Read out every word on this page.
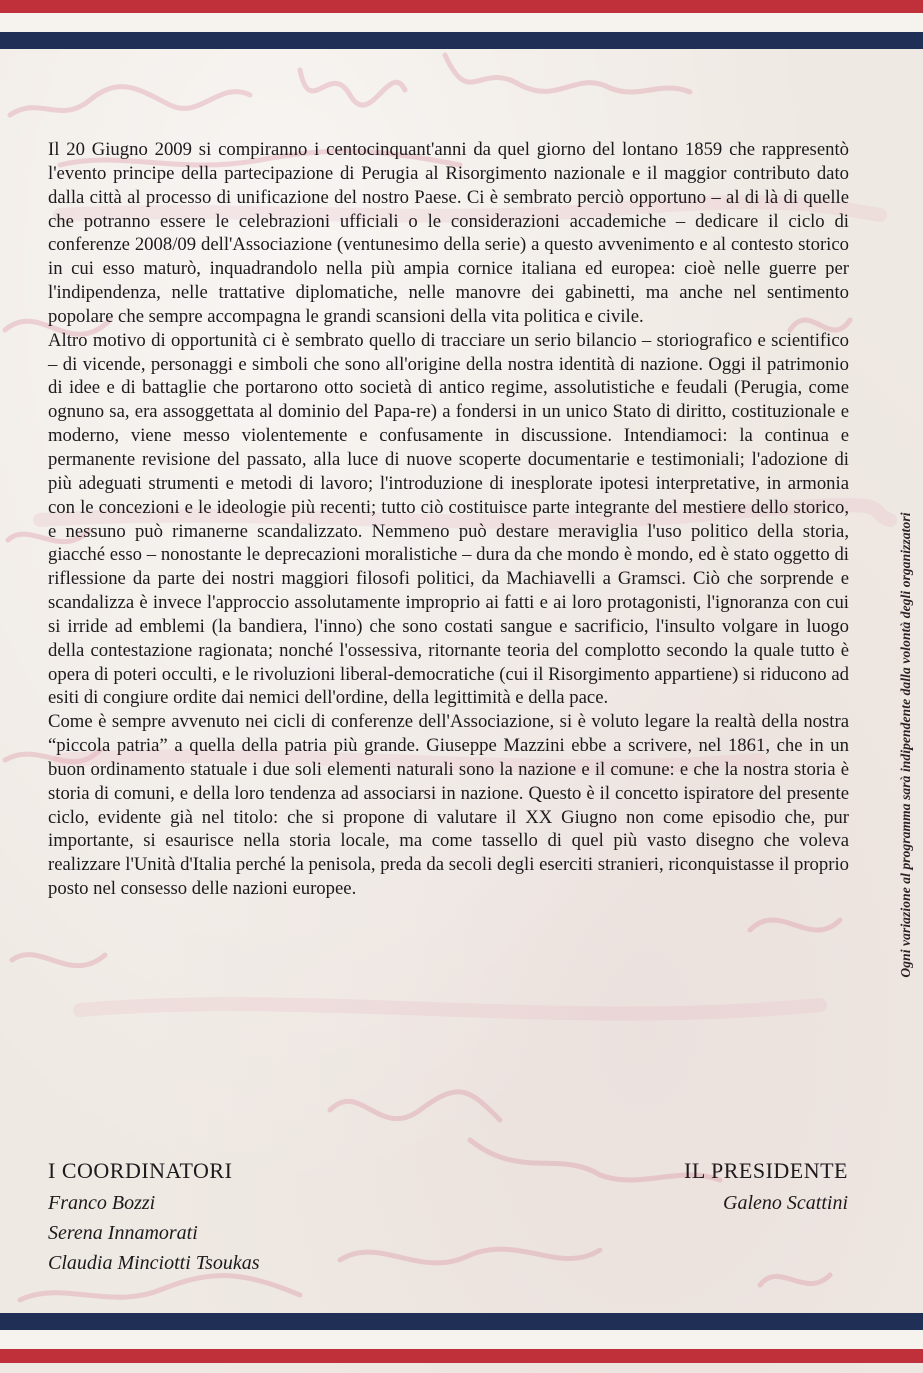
Ogni variazione al programma sarà indipendente dalla volontà degli organizzatori

Il 20 Giugno 2009 si compiranno i centocinquant'anni da quel giorno del lontano 1859 che rappresentò l'evento principe della partecipazione di Perugia al Risorgimento nazionale e il maggior contributo dato dalla città al processo di unificazione del nostro Paese. Ci è sembrato perciò opportuno – al di là di quelle che potranno essere le celebrazioni ufficiali o le considerazioni accademiche – dedicare il ciclo di conferenze 2008/09 dell'Associazione (ventunesimo della serie) a questo avvenimento e al contesto storico in cui esso maturò, inquadrandolo nella più ampia cornice italiana ed europea: cioè nelle guerre per l'indipendenza, nelle trattative diplomatiche, nelle manovre dei gabinetti, ma anche nel sentimento popolare che sempre accompagna le grandi scansioni della vita politica e civile.

Altro motivo di opportunità ci è sembrato quello di tracciare un serio bilancio – storiografico e scientifico – di vicende, personaggi e simboli che sono all'origine della nostra identità di nazione. Oggi il patrimonio di idee e di battaglie che portarono otto società di antico regime, assolutistiche e feudali (Perugia, come ognuno sa, era assoggettata al dominio del Papa-re) a fondersi in un unico Stato di diritto, costituzionale e moderno, viene messo violentemente e confusamente in discussione. Intendiamoci: la continua e permanente revisione del passato, alla luce di nuove scoperte documentarie e testimoniali; l'adozione di più adeguati strumenti e metodi di lavoro; l'introduzione di inesplorate ipotesi interpretative, in armonia con le concezioni e le ideologie più recenti; tutto ciò costituisce parte integrante del mestiere dello storico, e nessuno può rimanerne scandalizzato. Nemmeno può destare meraviglia l'uso politico della storia, giacché esso – nonostante le deprecazioni moralistiche – dura da che mondo è mondo, ed è stato oggetto di riflessione da parte dei nostri maggiori filosofi politici, da Machiavelli a Gramsci. Ciò che sorprende e scandalizza è invece l'approccio assolutamente improprio ai fatti e ai loro protagonisti, l'ignoranza con cui si irride ad emblemi (la bandiera, l'inno) che sono costati sangue e sacrificio, l'insulto volgare in luogo della contestazione ragionata; nonché l'ossessiva, ritornante teoria del complotto secondo la quale tutto è opera di poteri occulti, e le rivoluzioni liberal-democratiche (cui il Risorgimento appartiene) si riducono ad esiti di congiure ordite dai nemici dell'ordine, della legittimità e della pace.

Come è sempre avvenuto nei cicli di conferenze dell'Associazione, si è voluto legare la realtà della nostra “piccola patria” a quella della patria più grande. Giuseppe Mazzini ebbe a scrivere, nel 1861, che in un buon ordinamento statuale i due soli elementi naturali sono la nazione e il comune: e che la nostra storia è storia di comuni, e della loro tendenza ad associarsi in nazione. Questo è il concetto ispiratore del presente ciclo, evidente già nel titolo: che si propone di valutare il XX Giugno non come episodio che, pur importante, si esaurisce nella storia locale, ma come tassello di quel più vasto disegno che voleva realizzare l'Unità d'Italia perché la penisola, preda da secoli degli eserciti stranieri, riconquistasse il proprio posto nel consesso delle nazioni europee.

I COORDINATORI
Franco Bozzi
Serena Innamorati
Claudia Minciotti Tsoukas
IL PRESIDENTE
Galeno Scattini
